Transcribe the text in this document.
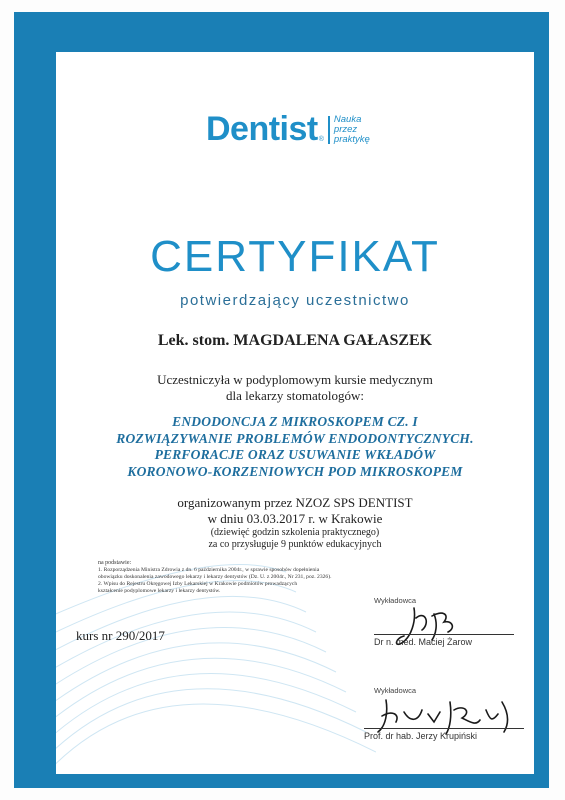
Dentist ®
Nauka
przez
praktykę
CERTYFIKAT
potwierdzający uczestnictwo
Lek. stom. MAGDALENA GAŁASZEK
Uczestniczyła w podyplomowym kursie medycznym
dla lekarzy stomatologów:
ENDODONCJA Z MIKROSKOPEM CZ. I
ROZWIĄZYWANIE PROBLEMÓW ENDODONTYCZNYCH.
PERFORACJE ORAZ USUWANIE WKŁADÓW
KORONOWO-KORZENIOWYCH POD MIKROSKOPEM
organizowanym przez NZOZ SPS DENTIST
w dniu 03.03.2017 r. w Krakowie
(dziewięć godzin szkolenia praktycznego)
za co przysługuje 9 punktów edukacyjnych
na podstawie:
1. Rozporządzenia Ministra Zdrowia z dn. 6 października 2004r., w sprawie sposobów dopełnienia
obowiązku doskonalenia zawodowego lekarzy i lekarzy dentystów (Dz. U. z 2004r., Nr 231, poz. 2326).
2. Wpisu do Rejestru Okręgowej Izby Lekarskiej w Krakowie podmiotów prowadzących
kształcenie podyplomowe lekarzy i lekarzy dentystów.
kurs nr 290/2017
Wykładowca
Dr n. med. Maciej Żarow
Wykładowca
Prof. dr hab. Jerzy Krupiński
